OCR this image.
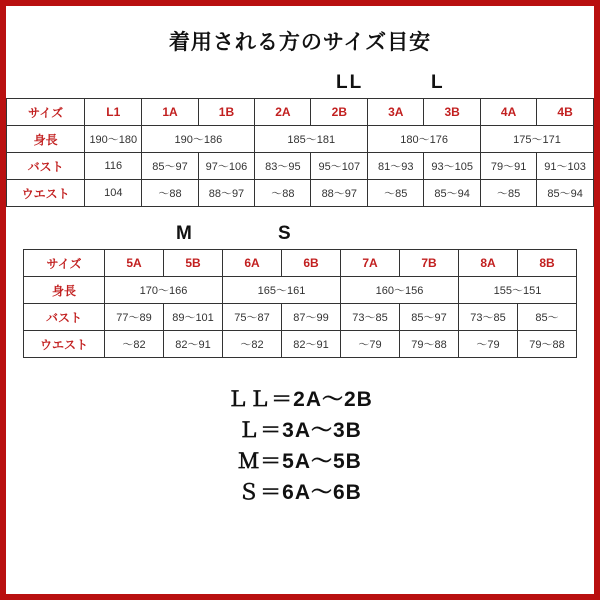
着用される方のサイズ目安
LL	L
サイズ	L1	1A	1B	2A	2B	3A	3B	4A	4B
身長	190〜180	190〜186		185〜181		180〜176		175〜171	
バスト	116	85〜97	97〜106	83〜95	95〜107	81〜93	93〜105	79〜91	91〜103
ウエスト	104	〜88	88〜97	〜88	88〜97	〜85	85〜94	〜85	85〜94
M	S
サイズ	5A	5B	6A	6B	7A	7B	8A	8B
身長	170〜166		165〜161		160〜156		155〜151	
バスト	77〜89	89〜101	75〜87	87〜99	73〜85	85〜97	73〜85	85〜
ウエスト	〜82	82〜91	〜82	82〜91	〜79	79〜88	〜79	79〜88
ＬＬ＝2A〜2B
Ｌ＝3A〜3B
Ｍ＝5A〜5B
Ｓ＝6A〜6B
